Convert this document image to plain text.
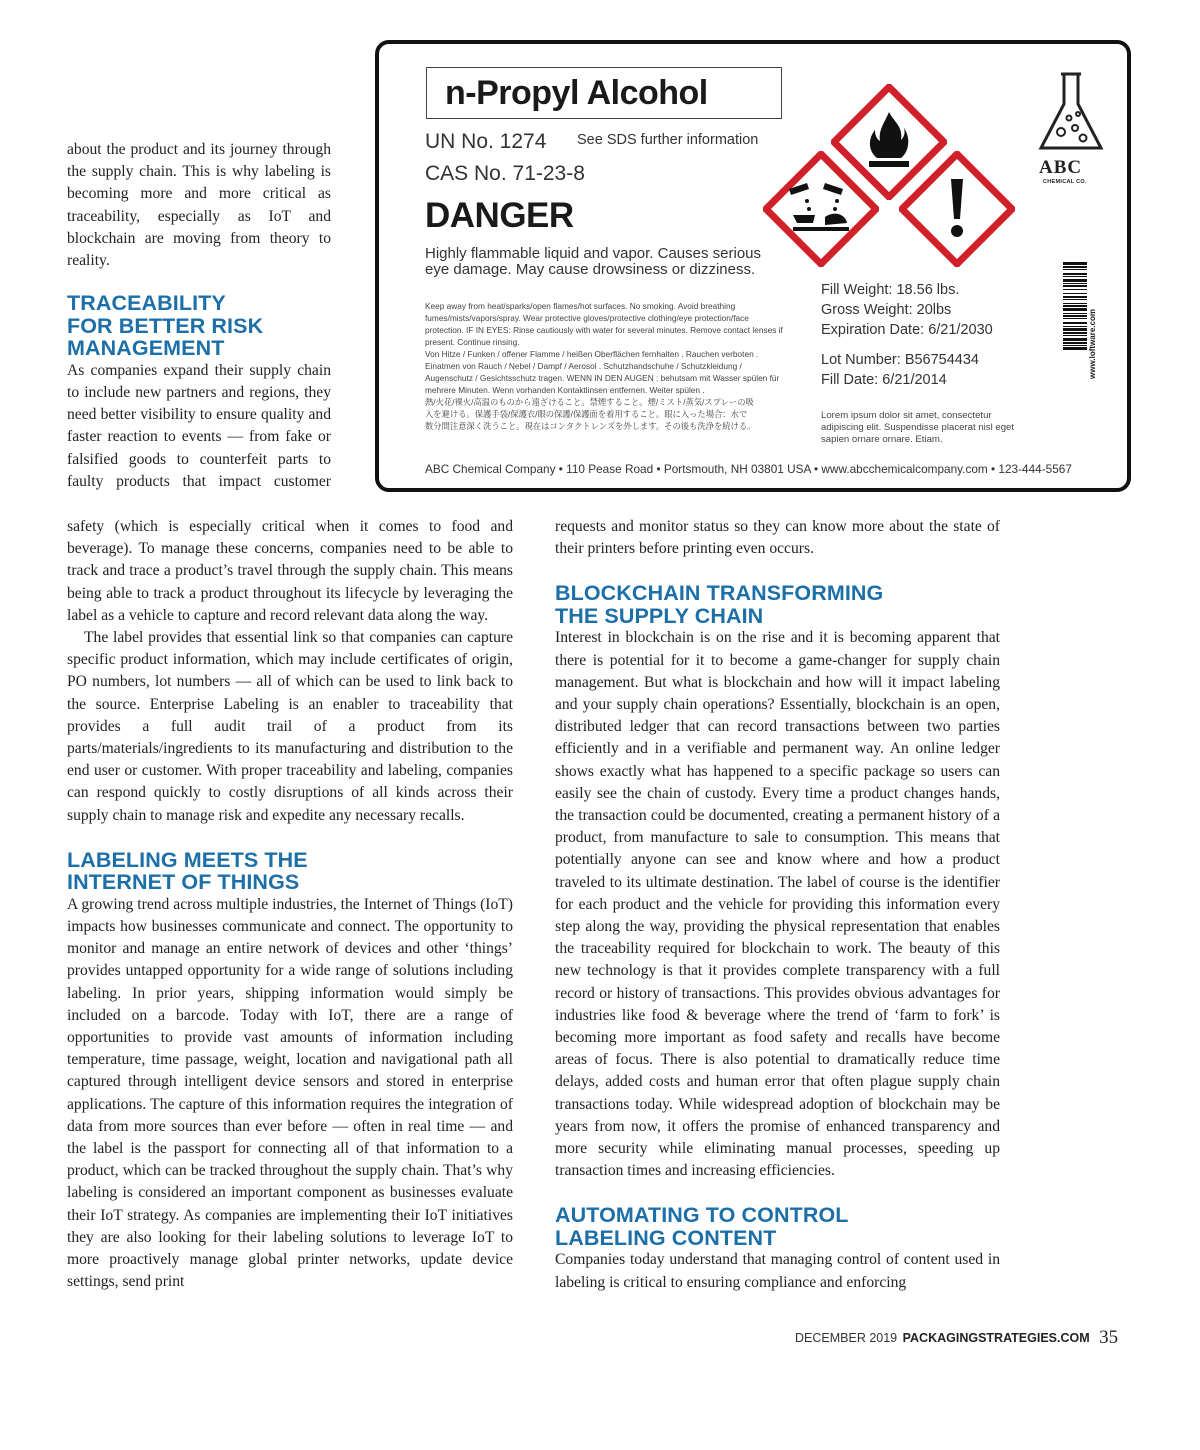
n-Propyl Alcohol
UN No. 1274 See SDS further information
CAS No. 71-23-8
DANGER
Highly flammable liquid and vapor. Causes serious eye damage. May cause drowsiness or dizziness.
Keep away from heat/sparks/open flames/hot surfaces. No smoking. Avoid breathing
fumes/mists/vapors/spray. Wear protective gloves/protective clothing/eye protection/face
protection. IF IN EYES: Rinse cautiously with water for several minutes. Remove contact lenses if
present. Continue rinsing.
Von Hitze / Funken / offener Flamme / heißen Oberflächen fernhalten . Rauchen verboten .
Einatmen von Rauch / Nebel / Dampf / Aerosol . Schutzhandschuhe / Schutzkleidung /
Augenschutz / Gesichtsschutz tragen. WENN IN DEN AUGEN : behutsam mit Wasser spülen für
mehrere Minuten. Wenn vorhanden Kontaktlinsen entfernen. Weiter spülen .
熱/火花/裸火/高温のものから遠ざけること。禁煙すること。煙/ミスト/蒸気/スプレーの吸
入を避ける。保護手袋/保護衣/眼の保護/保護面を着用すること。眼に入った場合：水で
数分間注意深く洗うこと。現在はコンタクトレンズを外します。その後も洗浄を続ける。
Fill Weight: 18.56 lbs.
Gross Weight: 20lbs
Expiration Date: 6/21/2030
Lot Number: B56754434
Fill Date: 6/21/2014
Lorem ipsum dolor sit amet, consectetur adipiscing elit. Suspendisse placerat nisl eget sapien ornare ornare. Etiam.
ABC Chemical Company • 110 Pease Road • Portsmouth, NH 03801 USA • www.abcchemicalcompany.com • 123-444-5567
ABC
CHEMICAL CO.
www.loftware.com

about the product and its journey through the supply chain. This is why labeling is becoming more and more critical as traceability, especially as IoT and blockchain are moving from theory to reality.

TRACEABILITY
FOR BETTER RISK
MANAGEMENT

As companies expand their supply chain to include new partners and regions, they need better visibility to ensure quality and faster reaction to events — from fake or falsified goods to counterfeit parts to faulty products that impact customer

safety (which is especially critical when it comes to food and beverage). To manage these concerns, companies need to be able to track and trace a product’s travel through the supply chain. This means being able to track a product throughout its lifecycle by leveraging the label as a vehicle to capture and record relevant data along the way.

The label provides that essential link so that companies can capture specific product information, which may include certificates of origin, PO numbers, lot numbers — all of which can be used to link back to the source. Enterprise Labeling is an enabler to traceability that provides a full audit trail of a product from its parts/materials/ingredients to its manufacturing and distribution to the end user or customer. With proper traceability and labeling, companies can respond quickly to costly disruptions of all kinds across their supply chain to manage risk and expedite any necessary recalls.

LABELING MEETS THE
INTERNET OF THINGS

A growing trend across multiple industries, the Internet of Things (IoT) impacts how businesses communicate and connect. The opportunity to monitor and manage an entire network of devices and other ‘things’ provides untapped opportunity for a wide range of solutions including labeling. In prior years, shipping information would simply be included on a barcode. Today with IoT, there are a range of opportunities to provide vast amounts of information including temperature, time passage, weight, location and navigational path all captured through intelligent device sensors and stored in enterprise applications. The capture of this information requires the integration of data from more sources than ever before — often in real time — and the label is the passport for connecting all of that information to a product, which can be tracked throughout the supply chain. That’s why labeling is considered an important component as businesses evaluate their IoT strategy. As companies are implementing their IoT initiatives they are also looking for their labeling solutions to leverage IoT to more proactively manage global printer networks, update device settings, send print

requests and monitor status so they can know more about the state of their printers before printing even occurs.

BLOCKCHAIN TRANSFORMING
THE SUPPLY CHAIN

Interest in blockchain is on the rise and it is becoming apparent that there is potential for it to become a game-changer for supply chain management. But what is blockchain and how will it impact labeling and your supply chain operations? Essentially, blockchain is an open, distributed ledger that can record transactions between two parties efficiently and in a verifiable and permanent way. An online ledger shows exactly what has happened to a specific package so users can easily see the chain of custody. Every time a product changes hands, the transaction could be documented, creating a permanent history of a product, from manufacture to sale to consumption. This means that potentially anyone can see and know where and how a product traveled to its ultimate destination. The label of course is the identifier for each product and the vehicle for providing this information every step along the way, providing the physical representation that enables the traceability required for blockchain to work. The beauty of this new technology is that it provides complete transparency with a full record or history of transactions. This provides obvious advantages for industries like food & beverage where the trend of ‘farm to fork’ is becoming more important as food safety and recalls have become areas of focus. There is also potential to dramatically reduce time delays, added costs and human error that often plague supply chain transactions today. While widespread adoption of blockchain may be years from now, it offers the promise of enhanced transparency and more security while eliminating manual processes, speeding up transaction times and increasing efficiencies.

AUTOMATING TO CONTROL
LABELING CONTENT

Companies today understand that managing control of content used in labeling is critical to ensuring compliance and enforcing

DECEMBER 2019 PACKAGINGSTRATEGIES.COM 35
